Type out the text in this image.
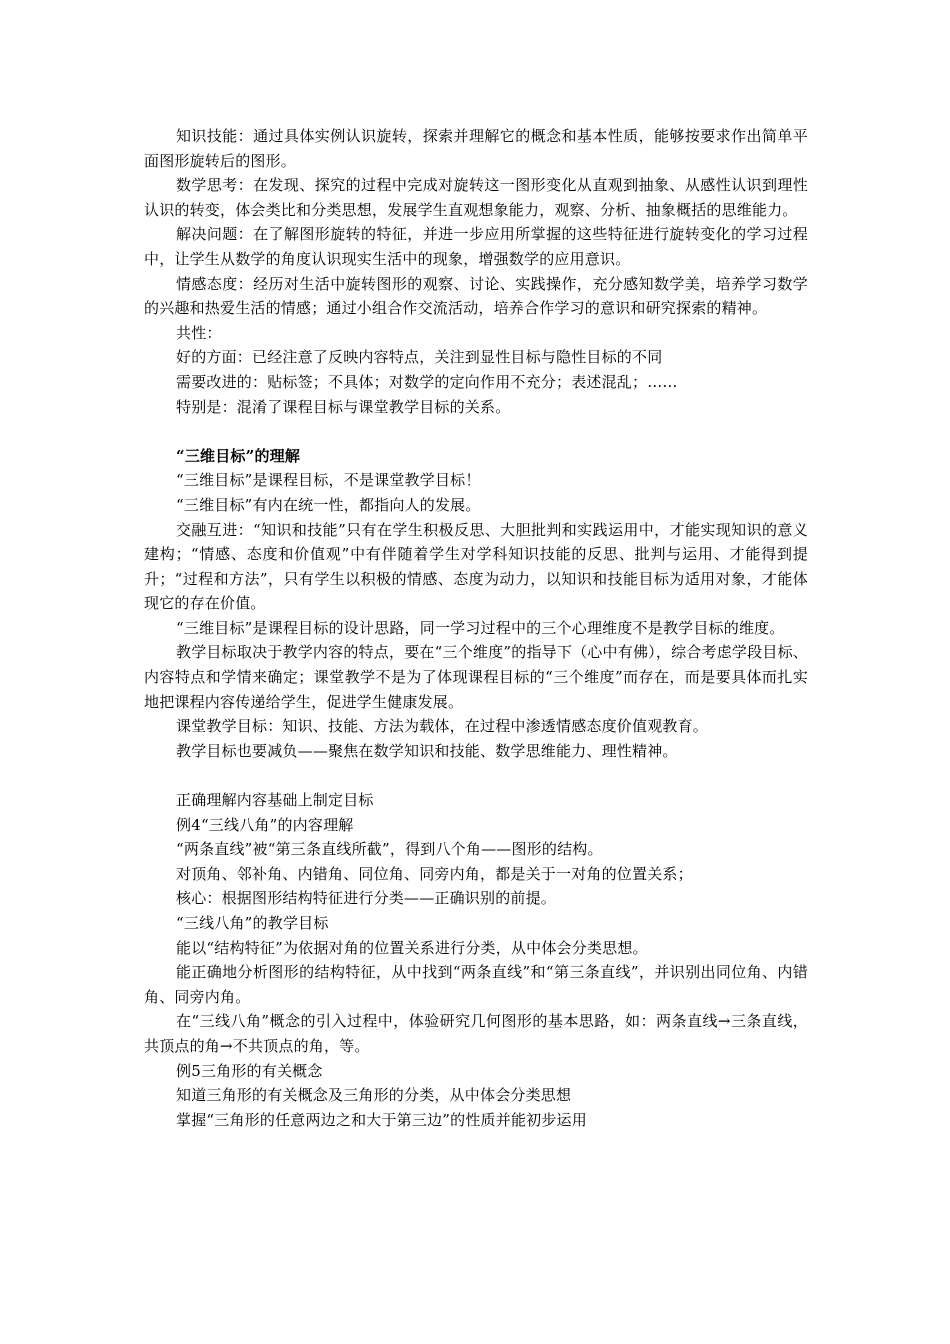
知识技能：通过具体实例认识旋转，探索并理解它的概念和基本性质，能够按要求作出简单平面图形旋转后的图形。

数学思考：在发现、探究的过程中完成对旋转这一图形变化从直观到抽象、从感性认识到理性认识的转变，体会类比和分类思想，发展学生直观想象能力，观察、分析、抽象概括的思维能力。

解决问题：在了解图形旋转的特征，并进一步应用所掌握的这些特征进行旋转变化的学习过程中，让学生从数学的角度认识现实生活中的现象，增强数学的应用意识。

情感态度：经历对生活中旋转图形的观察、讨论、实践操作，充分感知数学美，培养学习数学的兴趣和热爱生活的情感；通过小组合作交流活动，培养合作学习的意识和研究探索的精神。

共性：

好的方面：已经注意了反映内容特点，关注到显性目标与隐性目标的不同

需要改进的：贴标签；不具体；对数学的定向作用不充分；表述混乱；……

特别是：混淆了课程目标与课堂教学目标的关系。

“三维目标”的理解

“三维目标”是课程目标，不是课堂教学目标！

“三维目标”有内在统一性，都指向人的发展。

交融互进：“知识和技能”只有在学生积极反思、大胆批判和实践运用中，才能实现知识的意义建构；“情感、态度和价值观”中有伴随着学生对学科知识技能的反思、批判与运用、才能得到提升；“过程和方法”，只有学生以积极的情感、态度为动力，以知识和技能目标为适用对象，才能体现它的存在价值。

“三维目标”是课程目标的设计思路，同一学习过程中的三个心理维度不是教学目标的维度。

教学目标取决于教学内容的特点，要在“三个维度”的指导下（心中有佛），综合考虑学段目标、内容特点和学情来确定；课堂教学不是为了体现课程目标的“三个维度”而存在，而是要具体而扎实地把课程内容传递给学生，促进学生健康发展。

课堂教学目标：知识、技能、方法为载体，在过程中渗透情感态度价值观教育。

教学目标也要减负——聚焦在数学知识和技能、数学思维能力、理性精神。

正确理解内容基础上制定目标

例4“三线八角”的内容理解

“两条直线”被“第三条直线所截”，得到八个角——图形的结构。

对顶角、邻补角、内错角、同位角、同旁内角，都是关于一对角的位置关系；

核心：根据图形结构特征进行分类——正确识别的前提。

“三线八角”的教学目标

能以“结构特征”为依据对角的位置关系进行分类，从中体会分类思想。

能正确地分析图形的结构特征，从中找到“两条直线”和“第三条直线”，并识别出同位角、内错角、同旁内角。

在“三线八角”概念的引入过程中，体验研究几何图形的基本思路，如：两条直线→三条直线，共顶点的角→不共顶点的角，等。

例5三角形的有关概念

知道三角形的有关概念及三角形的分类，从中体会分类思想

掌握“三角形的任意两边之和大于第三边”的性质并能初步运用
